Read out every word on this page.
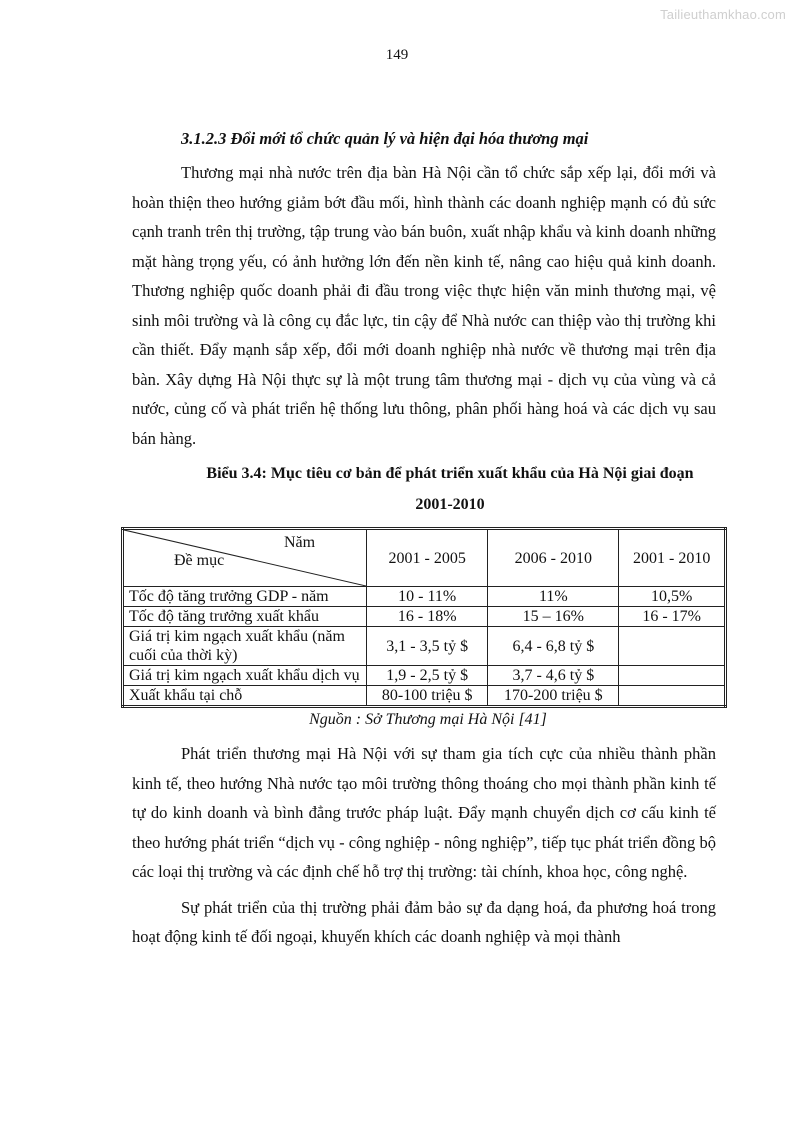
Tailieuthamkhao.com
149

3.1.2.3 Đổi mới tổ chức quản lý và hiện đại hóa thương mại

Thương mại nhà nước trên địa bàn Hà Nội cần tổ chức sắp xếp lại, đổi mới và hoàn thiện theo hướng giảm bớt đầu mối, hình thành các doanh nghiệp mạnh có đủ sức cạnh tranh trên thị trường, tập trung vào bán buôn, xuất nhập khẩu và kinh doanh những mặt hàng trọng yếu, có ảnh hưởng lớn đến nền kinh tế, nâng cao hiệu quả kinh doanh. Thương nghiệp quốc doanh phải đi đầu trong việc thực hiện văn minh thương mại, vệ sinh môi trường và là công cụ đắc lực, tin cậy để Nhà nước can thiệp vào thị trường khi cần thiết. Đẩy mạnh sắp xếp, đổi mới doanh nghiệp nhà nước về thương mại trên địa bàn. Xây dựng Hà Nội thực sự là một trung tâm thương mại - dịch vụ của vùng và cả nước, củng cố và phát triển hệ thống lưu thông, phân phối hàng hoá và các dịch vụ sau bán hàng.

Biểu 3.4: Mục tiêu cơ bản để phát triển xuất khẩu của Hà Nội giai đoạn
2001-2010
Năm
Đề mục	2001 - 2005	2006 - 2010	2001 - 2010
Tốc độ tăng trưởng GDP - năm	10 - 11%	11%	10,5%
Tốc độ tăng trưởng xuất khẩu	16 - 18%	15 – 16%	16 - 17%
Giá trị kim ngạch xuất khẩu (năm cuối của thời kỳ)	3,1 - 3,5 tỷ $	6,4 - 6,8 tỷ $	
Giá trị kim ngạch xuất khẩu dịch vụ	1,9 - 2,5 tỷ $	3,7 - 4,6 tỷ $	
Xuất khẩu tại chỗ	80-100 triệu $	170-200 triệu $	

Nguồn : Sở Thương mại Hà Nội [41]

Phát triển thương mại Hà Nội với sự tham gia tích cực của nhiều thành phần kinh tế, theo hướng Nhà nước tạo môi trường thông thoáng cho mọi thành phần kinh tế tự do kinh doanh và bình đẳng trước pháp luật. Đẩy mạnh chuyển dịch cơ cấu kinh tế theo hướng phát triển “dịch vụ - công nghiệp - nông nghiệp”, tiếp tục phát triển đồng bộ các loại thị trường và các định chế hỗ trợ thị trường: tài chính, khoa học, công nghệ.

Sự phát triển của thị trường phải đảm bảo sự đa dạng hoá, đa phương hoá trong hoạt động kinh tế đối ngoại, khuyến khích các doanh nghiệp và mọi thành
